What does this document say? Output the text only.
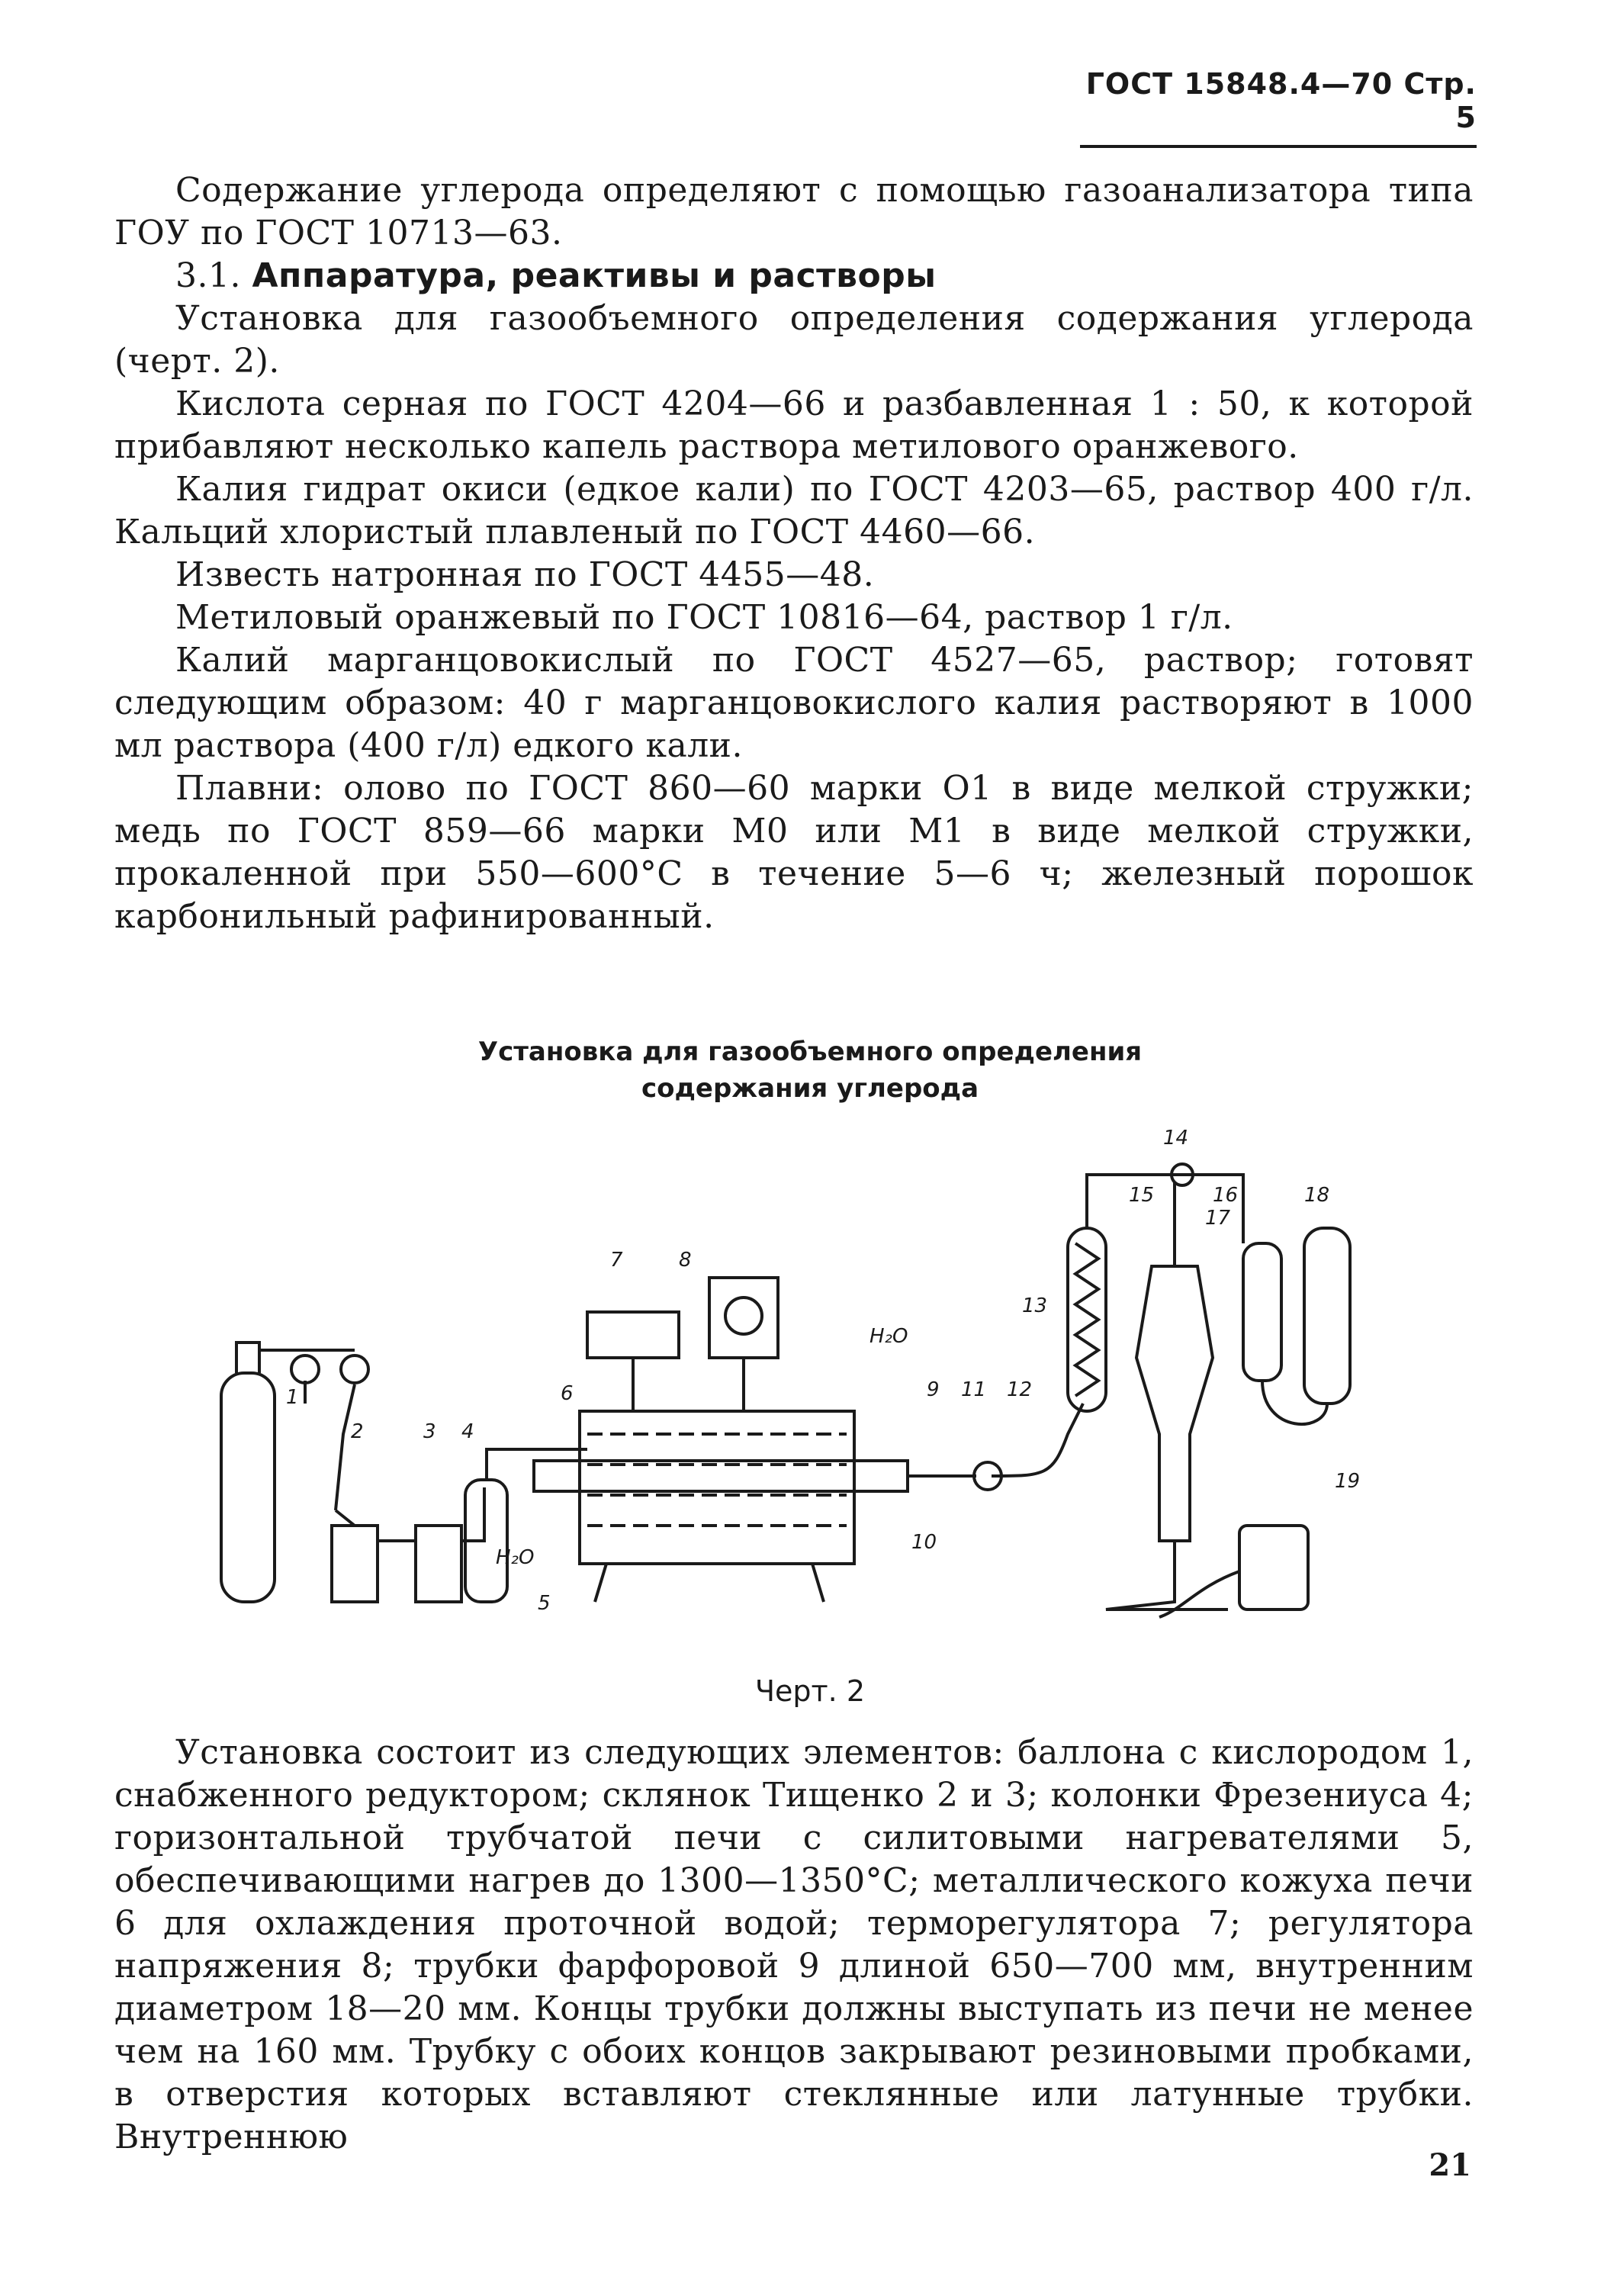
ГОСТ 15848.4—70 Стр. 5

Содержание углерода определяют с помощью газоанализатора типа ГОУ по ГОСТ 10713—63.

3.1. Аппаратура, реактивы и растворы

Установка для газообъемного определения содержания углерода (черт. 2).

Кислота серная по ГОСТ 4204—66 и разбавленная 1 : 50, к которой прибавляют несколько капель раствора метилового оранжевого.

Калия гидрат окиси (едкое кали) по ГОСТ 4203—65, раствор 400 г/л. Кальций хлористый плавленый по ГОСТ 4460—66.

Известь натронная по ГОСТ 4455—48.

Метиловый оранжевый по ГОСТ 10816—64, раствор 1 г/л.

Калий марганцовокислый по ГОСТ 4527—65, раствор; готовят следующим образом: 40 г марганцовокислого калия растворяют в 1000 мл раствора (400 г/л) едкого кали.

Плавни: олово по ГОСТ 860—60 марки О1 в виде мелкой стружки; медь по ГОСТ 859—66 марки М0 или М1 в виде мелкой стружки, прокаленной при 550—600°С в течение 5—6 ч; железный порошок карбонильный рафинированный.

Установка для газообъемного определения
содержания углерода
1
2	3 4
5
6
7	8
9
10
11 12
13
14
15	16
17
18
19
H₂O
H₂O
Черт. 2

Установка состоит из следующих элементов: баллона с кислородом 1, снабженного редуктором; склянок Тищенко 2 и 3; колонки Фрезениуса 4; горизонтальной трубчатой печи с силитовыми нагревателями 5, обеспечивающими нагрев до 1300—1350°С; металлического кожуха печи 6 для охлаждения проточной водой; терморегулятора 7; регулятора напряжения 8; трубки фарфоровой 9 длиной 650—700 мм, внутренним диаметром 18—20 мм. Концы трубки должны выступать из печи не менее чем на 160 мм. Трубку с обоих концов закрывают резиновыми пробками, в отверстия которых вставляют стеклянные или латунные трубки. Внутреннюю

21
